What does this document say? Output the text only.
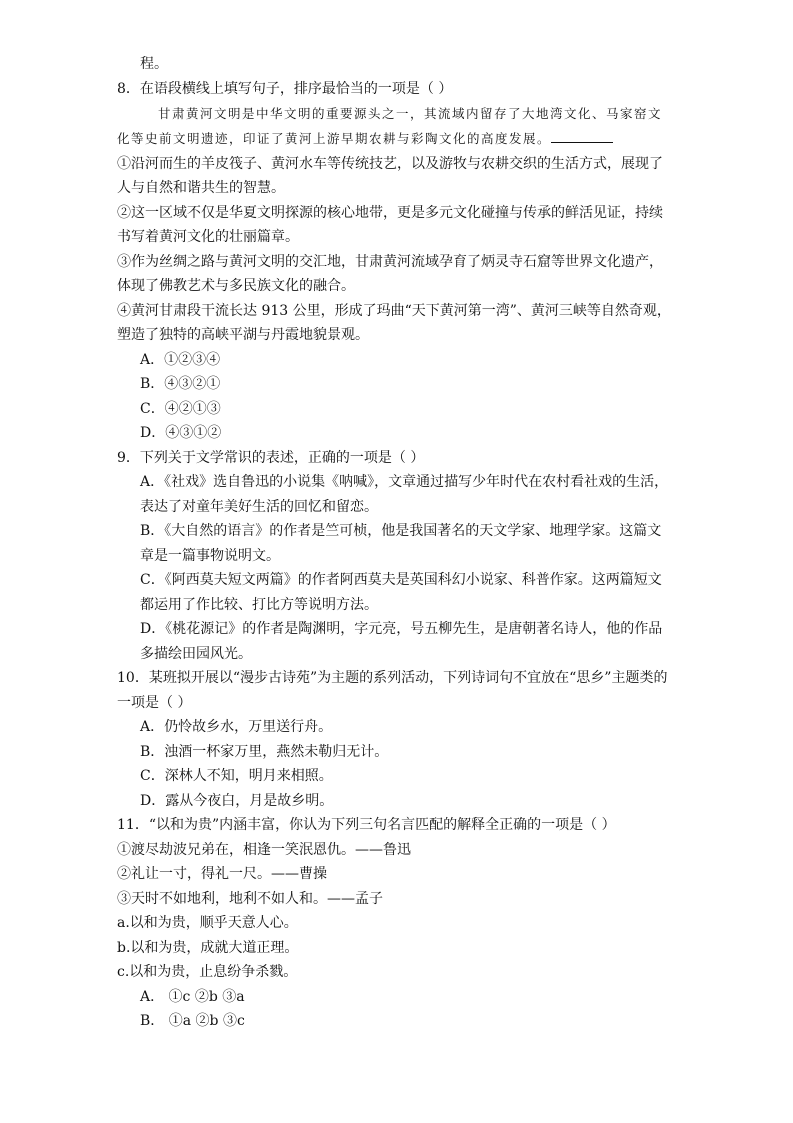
程。
8．在语段横线上填写句子，排序最恰当的一项是（ ）
甘肃黄河文明是中华文明的重要源头之一，其流域内留存了大地湾文化、马家窑文
化等史前文明遗迹，印证了黄河上游早期农耕与彩陶文化的高度发展。
①沿河而生的羊皮筏子、黄河水车等传统技艺，以及游牧与农耕交织的生活方式，展现了
人与自然和谐共生的智慧。
②这一区域不仅是华夏文明探源的核心地带，更是多元文化碰撞与传承的鲜活见证，持续
书写着黄河文化的壮丽篇章。
③作为丝绸之路与黄河文明的交汇地，甘肃黄河流域孕育了炳灵寺石窟等世界文化遗产，
体现了佛教艺术与多民族文化的融合。
④黄河甘肃段干流长达 913 公里，形成了玛曲“天下黄河第一湾”、黄河三峡等自然奇观，
塑造了独特的高峡平湖与丹霞地貌景观。
A．①②③④
B．④③②①
C．④②①③
D．④③①②
9．下列关于文学常识的表述，正确的一项是（ ）
A．《社戏》选自鲁迅的小说集《呐喊》，文章通过描写少年时代在农村看社戏的生活，
表达了对童年美好生活的回忆和留恋。
B．《大自然的语言》的作者是竺可桢，他是我国著名的天文学家、地理学家。这篇文
章是一篇事物说明文。
C．《阿西莫夫短文两篇》的作者阿西莫夫是英国科幻小说家、科普作家。这两篇短文
都运用了作比较、打比方等说明方法。
D．《桃花源记》的作者是陶渊明，字元亮，号五柳先生，是唐朝著名诗人，他的作品
多描绘田园风光。
10．某班拟开展以“漫步古诗苑”为主题的系列活动，下列诗词句不宜放在“思乡”主题类的
一项是（ ）
A．仍怜故乡水，万里送行舟。
B．浊酒一杯家万里，燕然未勒归无计。
C．深林人不知，明月来相照。
D．露从今夜白，月是故乡明。
11．“以和为贵”内涵丰富，你认为下列三句名言匹配的解释全正确的一项是（ ）
①渡尽劫波兄弟在，相逢一笑泯恩仇。——鲁迅
②礼让一寸，得礼一尺。——曹操
③天时不如地利，地利不如人和。——孟子
a.以和为贵，顺乎天意人心。
b.以和为贵，成就大道正理。
c.以和为贵，止息纷争杀戮。
A． ①c ②b ③a
B． ①a ②b ③c
